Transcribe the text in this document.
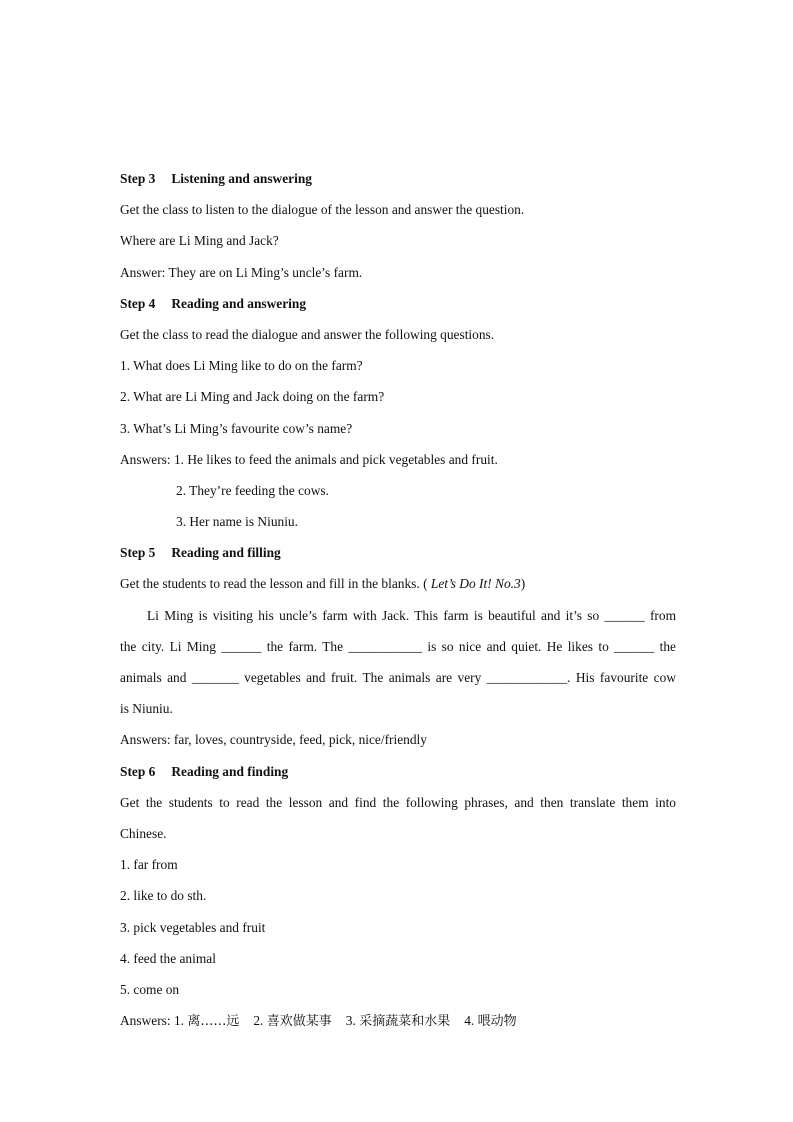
Step 3 Listening and answering
Get the class to listen to the dialogue of the lesson and answer the question.
Where are Li Ming and Jack?
Answer: They are on Li Ming’s uncle’s farm.
Step 4 Reading and answering
Get the class to read the dialogue and answer the following questions.
1. What does Li Ming like to do on the farm?
2. What are Li Ming and Jack doing on the farm?
3. What’s Li Ming’s favourite cow’s name?
Answers: 1. He likes to feed the animals and pick vegetables and fruit.
2. They’re feeding the cows.
3. Her name is Niuniu.
Step 5 Reading and filling
Get the students to read the lesson and fill in the blanks. ( Let’s Do It! No.3)
Li Ming is visiting his uncle’s farm with Jack. This farm is beautiful and it’s so ______ from
the city. Li Ming ______ the farm. The ___________ is so nice and quiet. He likes to ______ the
animals and _______ vegetables and fruit. The animals are very ____________. His favourite cow
is Niuniu.
Answers: far, loves, countryside, feed, pick, nice/friendly
Step 6 Reading and finding
Get the students to read the lesson and find the following phrases, and then translate them into
Chinese.
1. far from
2. like to do sth.
3. pick vegetables and fruit
4. feed the animal
5. come on
Answers: 1. 离……远 2. 喜欢做某事 3. 采摘蔬菜和水果 4. 喂动物
